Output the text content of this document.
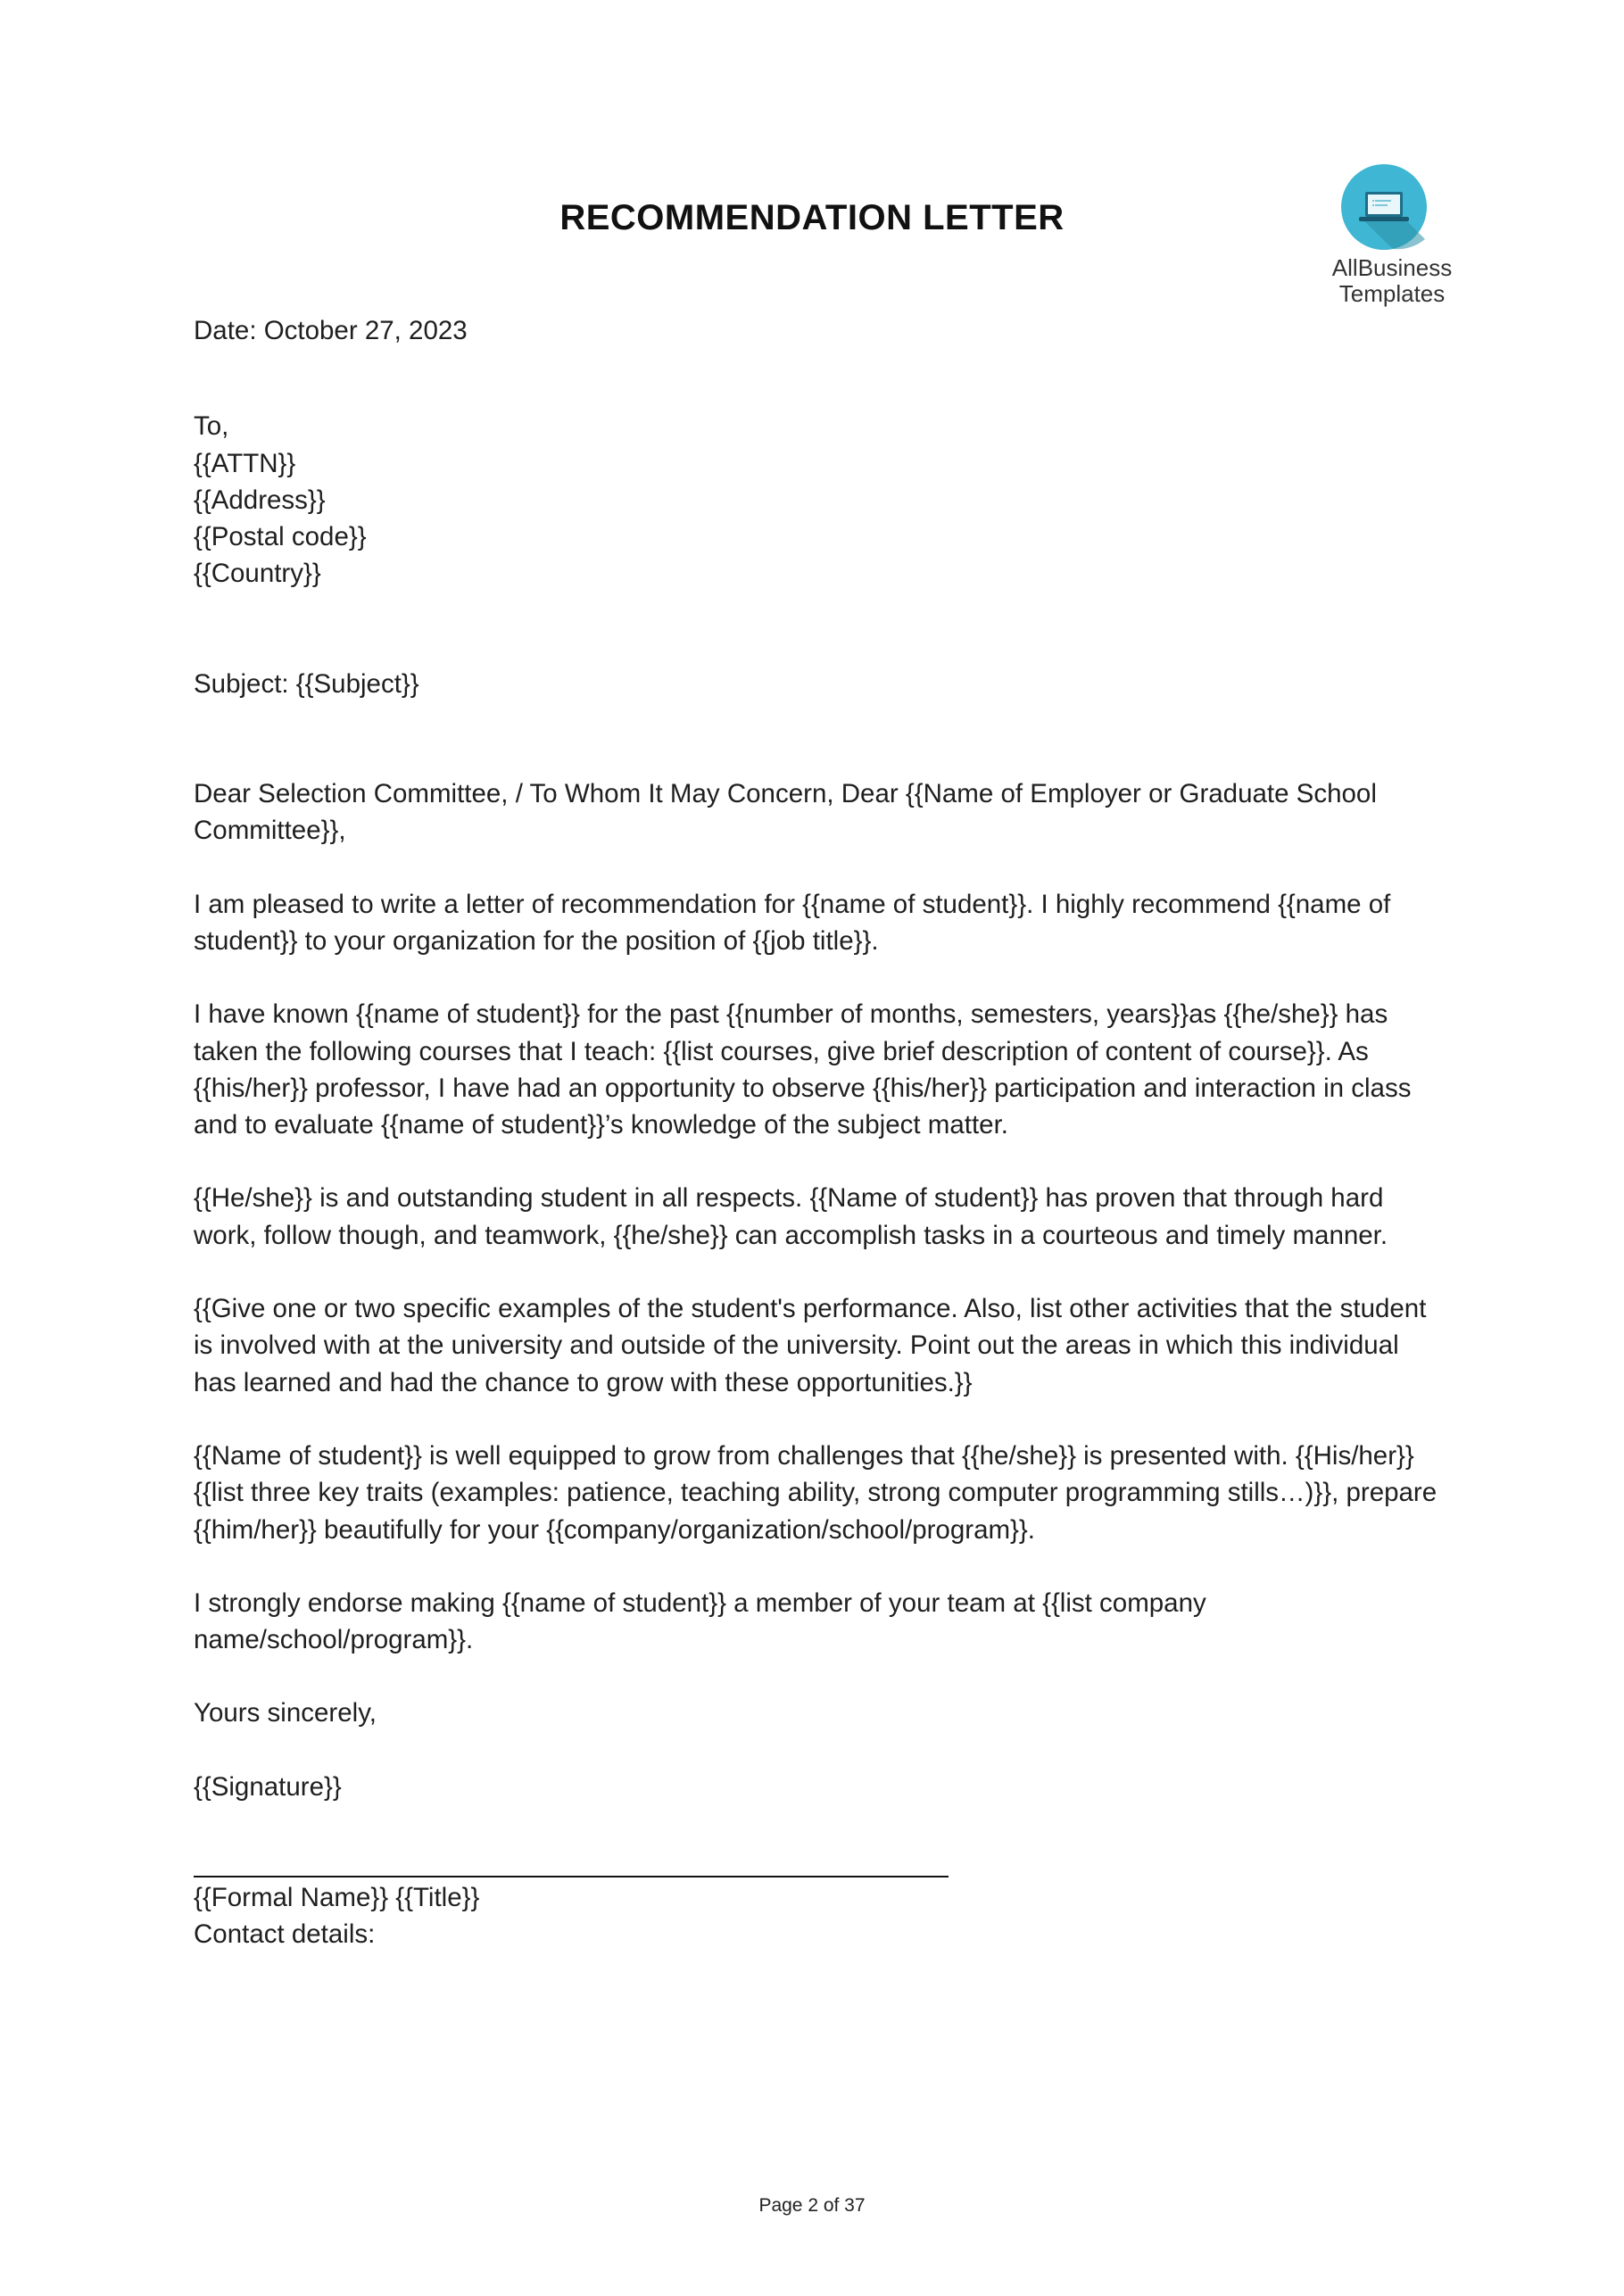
RECOMMENDATION LETTER
AllBusiness
Templates

Date: October 27, 2023

To,

{{ATTN}}

{{Address}}

{{Postal code}}

{{Country}}

Subject: {{Subject}}

Dear Selection Committee, / To Whom It May Concern, Dear {{Name of Employer or Graduate School Committee}},

I am pleased to write a letter of recommendation for {{name of student}}. I highly recommend {{name of student}} to your organization for the position of {{job title}}.

I have known {{name of student}} for the past {{number of months, semesters, years}}as {{he/she}} has taken the following courses that I teach: {{list courses, give brief description of content of course}}. As {{his/her}} professor, I have had an opportunity to observe {{his/her}} participation and interaction in class and to evaluate {{name of student}}’s knowledge of the subject matter.

{{He/she}} is and outstanding student in all respects. {{Name of student}} has proven that through hard work, follow though, and teamwork, {{he/she}} can accomplish tasks in a courteous and timely manner.

{{Give one or two specific examples of the student's performance. Also, list other activities that the student is involved with at the university and outside of the university. Point out the areas in which this individual has learned and had the chance to grow with these opportunities.}}

{{Name of student}} is well equipped to grow from challenges that {{he/she}} is presented with. {{His/her}}{{list three key traits (examples: patience, teaching ability, strong computer programming stills…)}}, prepare {{him/her}} beautifully for your {{company/organization/school/program}}.

I strongly endorse making {{name of student}} a member of your team at {{list company name/school/program}}.

Yours sincerely,

{{Signature}}

{{Formal Name}} {{Title}}

Contact details:

Page 2 of 37
